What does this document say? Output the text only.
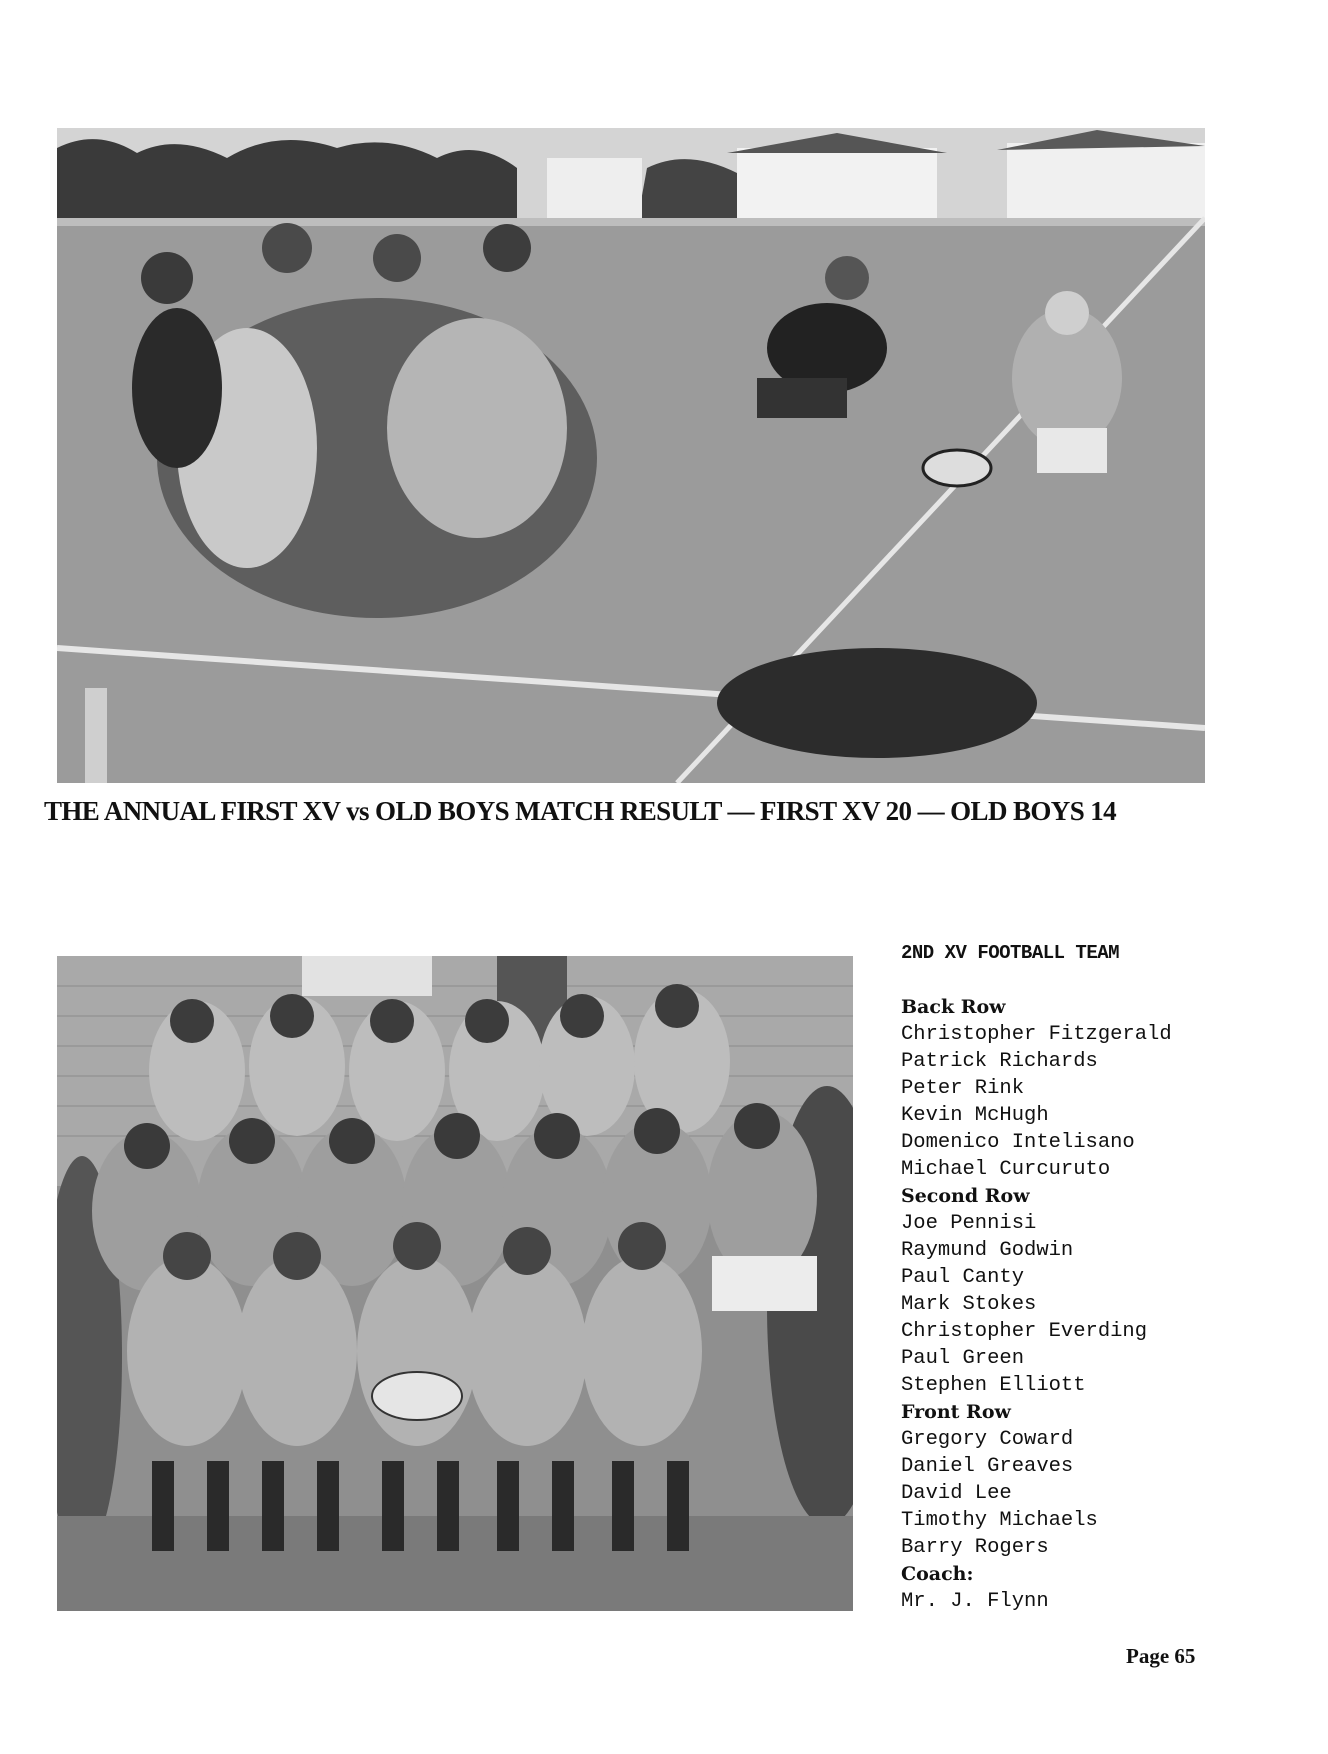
THE ANNUAL FIRST XV vs OLD BOYS MATCH RESULT — FIRST XV 20 — OLD BOYS 14
2ND XV FOOTBALL TEAM
Back Row
Christopher Fitzgerald
Patrick Richards
Peter Rink
Kevin McHugh
Domenico Intelisano
Michael Curcuruto
Second Row
Joe Pennisi
Raymund Godwin
Paul Canty
Mark Stokes
Christopher Everding
Paul Green
Stephen Elliott
Front Row
Gregory Coward
Daniel Greaves
David Lee
Timothy Michaels
Barry Rogers
Coach:
Mr. J. Flynn
Page 65
